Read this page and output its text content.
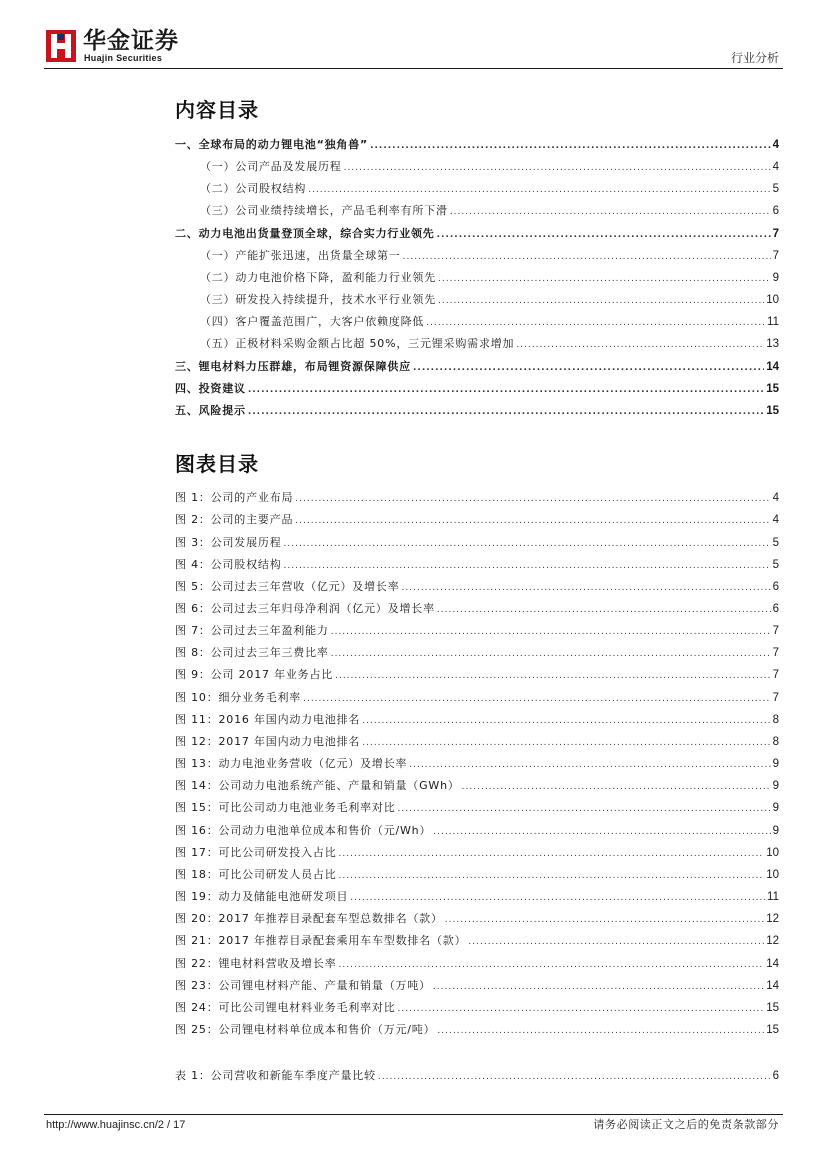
华金证券
Huajin Securities	行业分析
内容目录
一、全球布局的动力锂电池“独角兽” .....	4
（一）公司产品及发展历程 .....	4
（二）公司股权结构 .....	5
（三）公司业绩持续增长，产品毛利率有所下滑 .....	6
二、动力电池出货量登顶全球，综合实力行业领先 .....	7
（一）产能扩张迅速，出货量全球第一 .....	7
（二）动力电池价格下降，盈利能力行业领先 .....	9
（三）研发投入持续提升，技术水平行业领先 .....	10
（四）客户覆盖范围广，大客户依赖度降低 .....	11
（五）正极材料采购金额占比超 50%，三元锂采购需求增加 .....	13
三、锂电材料力压群雄，布局锂资源保障供应 .....	14
四、投资建议 .....	15
五、风险提示 .....	15
图表目录
图 1：公司的产业布局 .....	4
图 2：公司的主要产品 .....	4
图 3：公司发展历程 .....	5
图 4：公司股权结构 .....	5
图 5：公司过去三年营收（亿元）及增长率 .....	6
图 6：公司过去三年归母净利润（亿元）及增长率 .....	6
图 7：公司过去三年盈利能力 .....	7
图 8：公司过去三年三费比率 .....	7
图 9：公司 2017 年业务占比 .....	7
图 10：细分业务毛利率 .....	7
图 11：2016 年国内动力电池排名 .....	8
图 12：2017 年国内动力电池排名 .....	8
图 13：动力电池业务营收（亿元）及增长率 .....	9
图 14：公司动力电池系统产能、产量和销量（GWh） .....	9
图 15：可比公司动力电池业务毛利率对比 .....	9
图 16：公司动力电池单位成本和售价（元/Wh） .....	9
图 17：可比公司研发投入占比 .....	10
图 18：可比公司研发人员占比 .....	10
图 19：动力及储能电池研发项目 .....	11
图 20：2017 年推荐目录配套车型总数排名（款） .....	12
图 21：2017 年推荐目录配套乘用车车型数排名（款） .....	12
图 22：锂电材料营收及增长率 .....	14
图 23：公司锂电材料产能、产量和销量（万吨） .....	14
图 24：可比公司锂电材料业务毛利率对比 .....	15
图 25：公司锂电材料单位成本和售价（万元/吨） .....	15
表 1：公司营收和新能车季度产量比较 .....	6
http://www.huajinsc.cn/2 / 17	请务必阅读正文之后的免责条款部分
